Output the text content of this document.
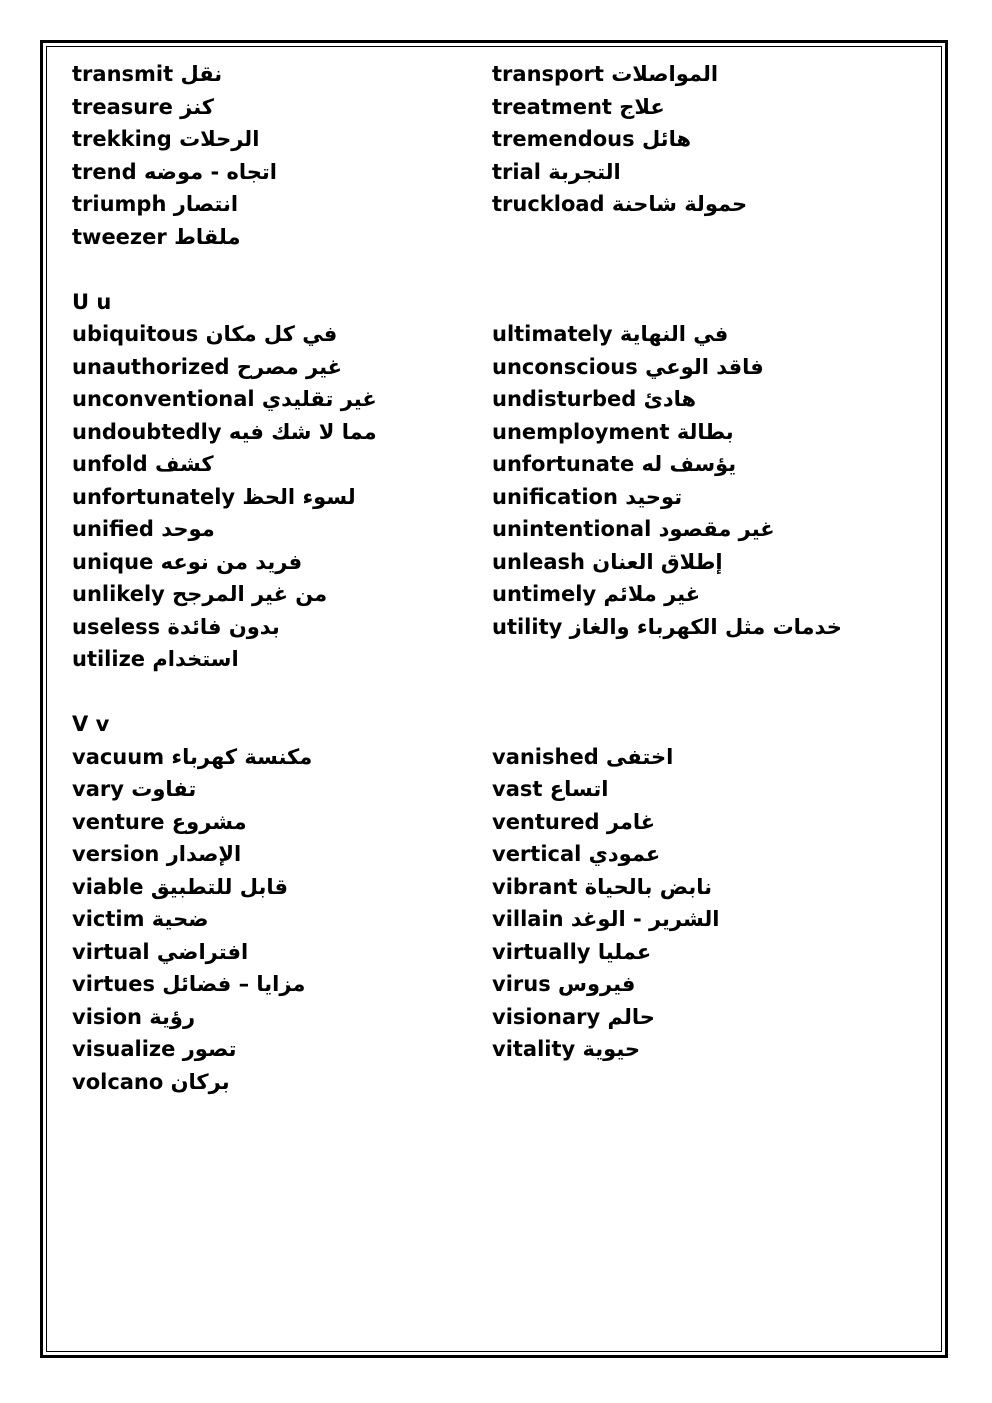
transmit نقل	transport المواصلات
treasure كنز	treatment علاج
trekking الرحلات	tremendous هائل
trend اتجاه - موضه	trial التجربة
triumph انتصار	truckload حمولة شاحنة
tweezer ملقاط
U u
ubiquitous في كل مكان	ultimately في النهاية
unauthorized غير مصرح	unconscious فاقد الوعي
unconventional غير تقليدي	undisturbed هادئ
undoubtedly مما لا شك فيه	unemployment بطالة
unfold كشف	unfortunate يؤسف له
unfortunately لسوء الحظ	unification توحيد
unified موحد	unintentional غير مقصود
unique فريد من نوعه	unleash إطلاق العنان
unlikely من غير المرجح	untimely غير ملائم
useless بدون فائدة	utility خدمات مثل الكهرباء والغاز
utilize استخدام
V v
vacuum مكنسة كهرباء	vanished اختفى
vary تفاوت	vast اتساع
venture مشروع	ventured غامر
version الإصدار	vertical عمودي
viable قابل للتطبيق	vibrant نابض بالحياة
victim ضحية	villain الشرير - الوغد
virtual افتراضي	virtually عمليا
virtues مزايا – فضائل	virus فيروس
vision رؤية	visionary حالم
visualize تصور	vitality حيوية
volcano بركان
